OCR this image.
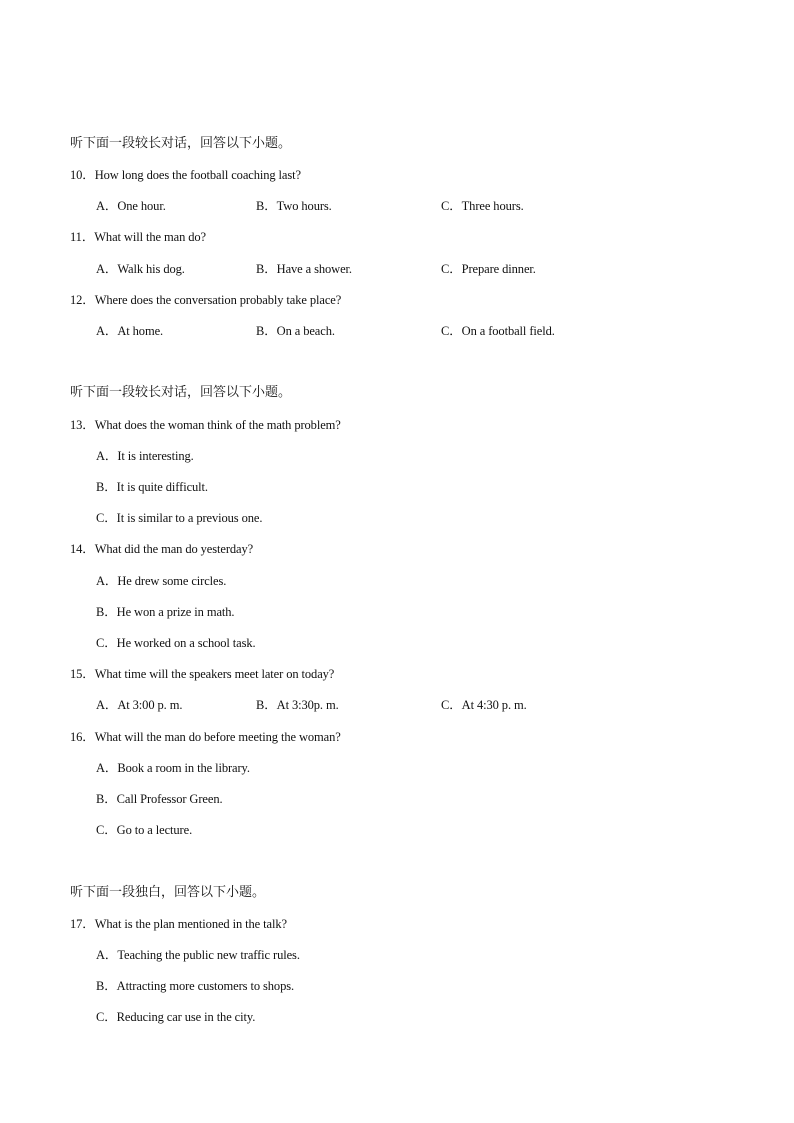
听下面一段较长对话，回答以下小题。
10．How long does the football coaching last?
A．One hour.	B．Two hours.	C．Three hours.
11．What will the man do?
A．Walk his dog.	B．Have a shower.	C．Prepare dinner.
12．Where does the conversation probably take place?
A．At home.	B．On a beach.	C．On a football field.
听下面一段较长对话，回答以下小题。
13．What does the woman think of the math problem?
A．It is interesting.
B．It is quite difficult.
C．It is similar to a previous one.
14．What did the man do yesterday?
A．He drew some circles.
B．He won a prize in math.
C．He worked on a school task.
15．What time will the speakers meet later on today?
A．At 3:00 p. m.	B．At 3:30p. m.	C．At 4:30 p. m.
16．What will the man do before meeting the woman?
A．Book a room in the library.
B．Call Professor Green.
C．Go to a lecture.
听下面一段独白，回答以下小题。
17．What is the plan mentioned in the talk?
A．Teaching the public new traffic rules.
B．Attracting more customers to shops.
C．Reducing car use in the city.
